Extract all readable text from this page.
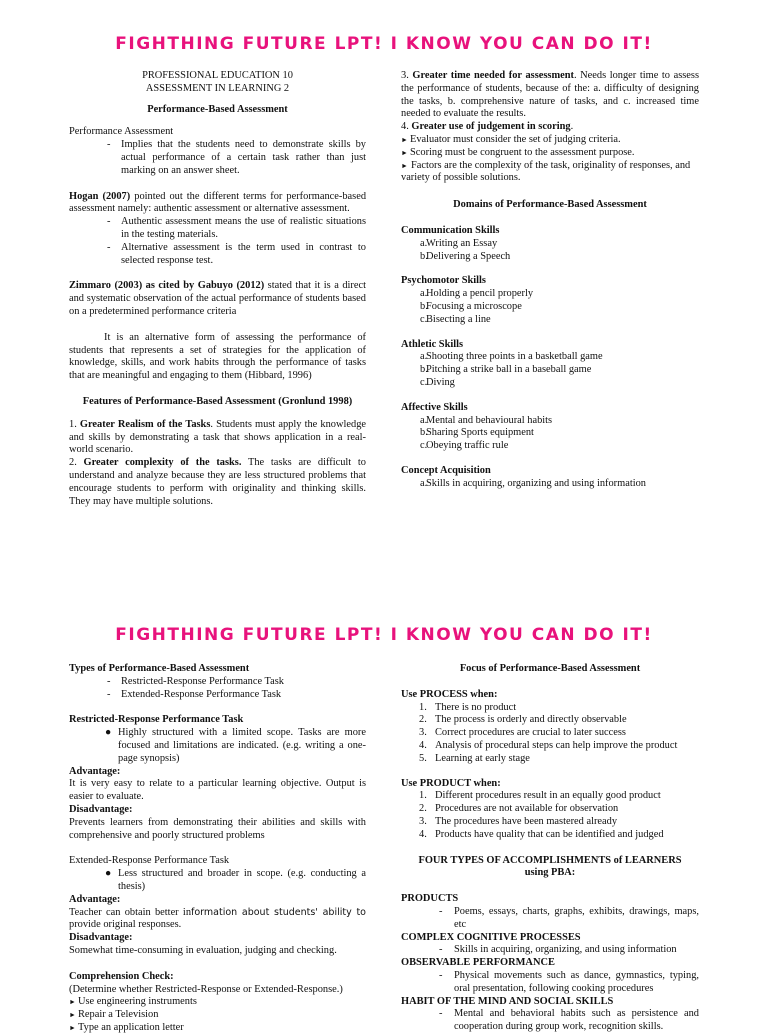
FIGHTHING FUTURE LPT! I KNOW YOU CAN DO IT!

PROFESSIONAL EDUCATION 10

ASSESSMENT IN LEARNING 2

Performance-Based Assessment

Performance Assessment

- Implies that the students need to demonstrate skills by actual performance of a certain task rather than just marking on an answer sheet.

Hogan (2007) pointed out the different terms for performance-based assessment namely: authentic assessment or alternative assessment.

- Authentic assessment means the use of realistic situations in the testing materials.
- Alternative assessment is the term used in contrast to selected response test.

Zimmaro (2003) as cited by Gabuyo (2012) stated that it is a direct and systematic observation of the actual performance of students based on a predetermined performance criteria

It is an alternative form of assessing the performance of students that represents a set of strategies for the application of knowledge, skills, and work habits through the performance of tasks that are meaningful and engaging to them (Hibbard, 1996)

Features of Performance-Based Assessment (Gronlund 1998)

1. Greater Realism of the Tasks. Students must apply the knowledge and skills by demonstrating a task that shows application in a real-world scenario.

2. Greater complexity of the tasks. The tasks are difficult to understand and analyze because they are less structured problems that encourage students to perform with originality and thinking skills. They may have multiple solutions.

3. Greater time needed for assessment. Needs longer time to assess the performance of students, because of the: a. difficulty of designing the tasks, b. comprehensive nature of tasks, and c. increased time needed to evaluate the results.

4. Greater use of judgement in scoring.

► Evaluator must consider the set of judging criteria.
► Scoring must be congruent to the assessment purpose.
► Factors are the complexity of the task, originality of responses, and variety of possible solutions.

Domains of Performance-Based Assessment

Communication Skills

a.
Writing an Essay
b.
Delivering a Speech

Psychomotor Skills

a.
Holding a pencil properly
b.
Focusing a microscope
c.
Bisecting a line

Athletic Skills

a.
Shooting three points in a basketball game
b.
Pitching a strike ball in a baseball game
c.
Diving

Affective Skills

a.
Mental and behavioural habits
b.
Sharing Sports equipment
c.
Obeying traffic rule

Concept Acquisition

a.
Skills in acquiring, organizing and using information
FIGHTHING FUTURE LPT! I KNOW YOU CAN DO IT!

Types of Performance-Based Assessment

- Restricted-Response Performance Task
- Extended-Response Performance Task

Restricted-Response Performance Task

● Highly structured with a limited scope. Tasks are more focused and limitations are indicated. (e.g. writing a one-page synopsis)

Advantage:

It is very easy to relate to a particular learning objective. Output is easier to evaluate.

Disadvantage:

Prevents learners from demonstrating their abilities and skills with comprehensive and poorly structured problems

Extended-Response Performance Task

● Less structured and broader in scope. (e.g. conducting a thesis)

Advantage:

Teacher can obtain better information about students' ability to provide original responses.

Disadvantage:

Somewhat time-consuming in evaluation, judging and checking.

Comprehension Check:

(Determine whether Restricted-Response or Extended-Response.)

► Use engineering instruments
► Repair a Television
► Type an application letter

Focus of Performance-Based Assessment

Use PROCESS when:

1. There is no product
2. The process is orderly and directly observable
3. Correct procedures are crucial to later success
4. Analysis of procedural steps can help improve the product
5. Learning at early stage

Use PRODUCT when:

1. Different procedures result in an equally good product
2. Procedures are not available for observation
3. The procedures have been mastered already
4. Products have quality that can be identified and judged

FOUR TYPES OF ACCOMPLISHMENTS of LEARNERS

using PBA:

PRODUCTS

- Poems, essays, charts, graphs, exhibits, drawings, maps, etc

COMPLEX COGNITIVE PROCESSES

- Skills in acquiring, organizing, and using information

OBSERVABLE PERFORMANCE

- Physical movements such as dance, gymnastics, typing, oral presentation, following cooking procedures

HABIT OF THE MIND AND SOCIAL SKILLS

- Mental and behavioral habits such as persistence and cooperation during group work, recognition skills.
